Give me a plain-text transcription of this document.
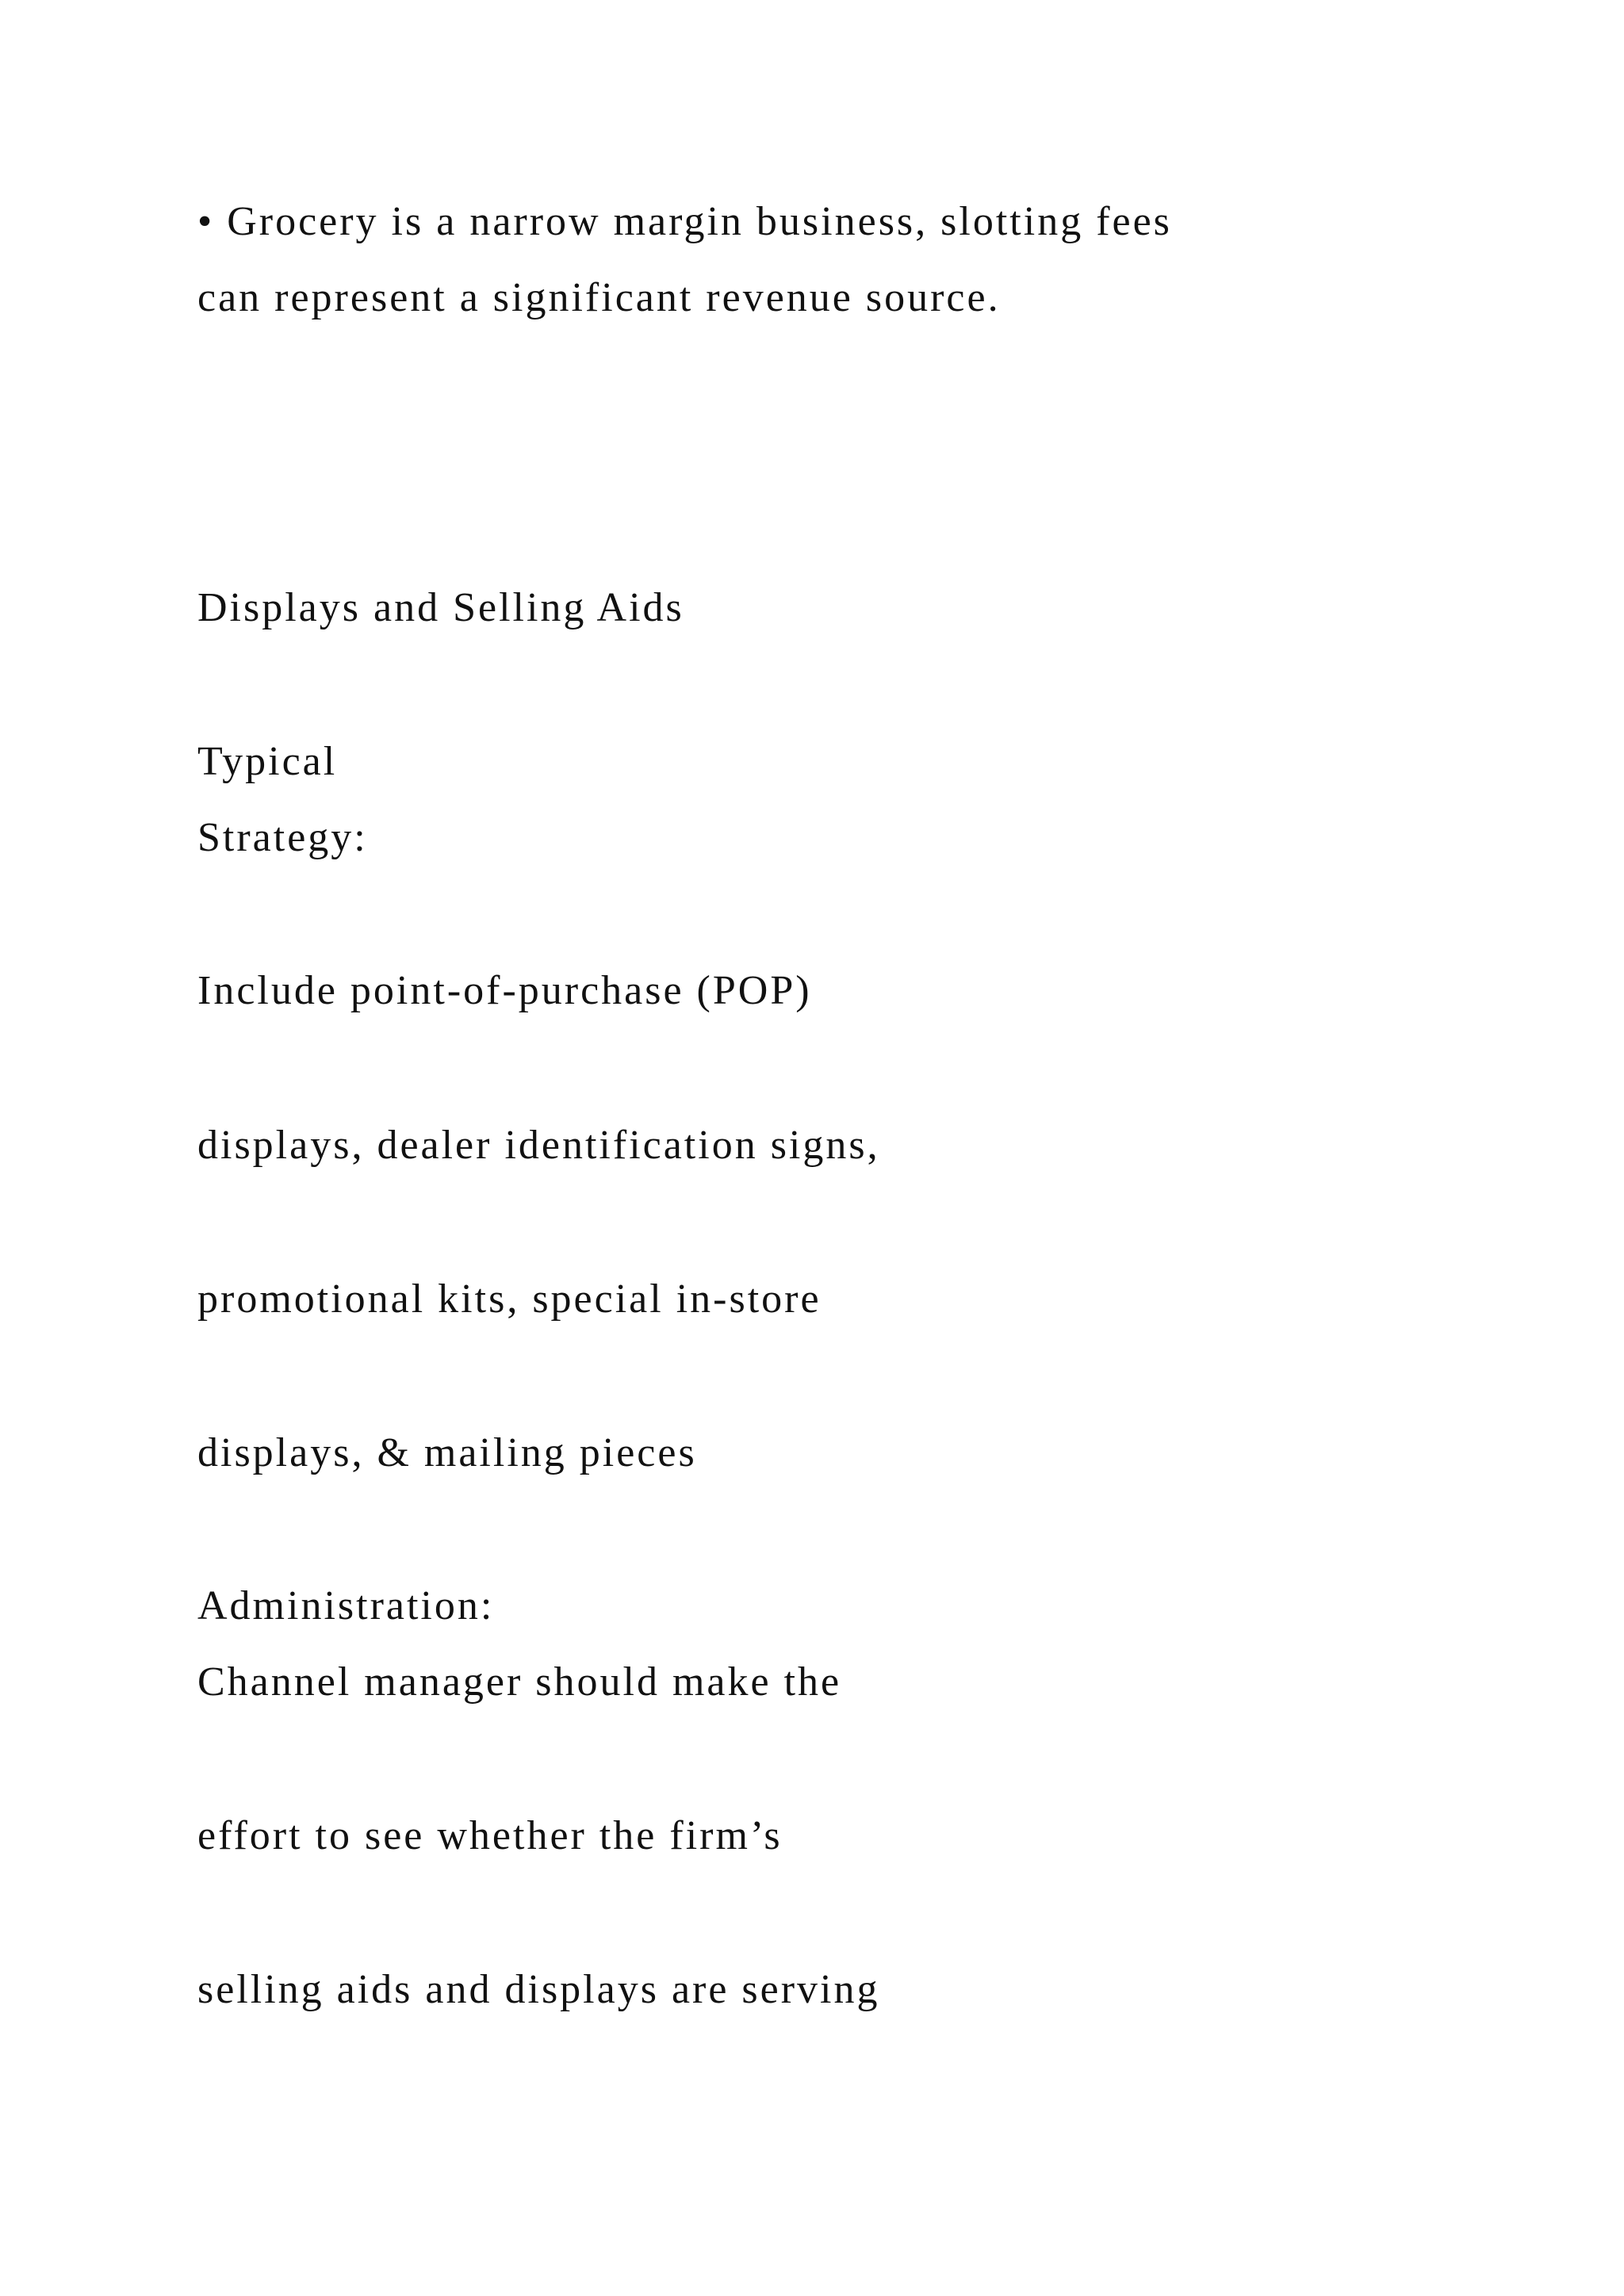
• Grocery is a narrow margin business, slotting fees

can represent a significant revenue source.

Displays and Selling Aids

Typical

Strategy:

Include point-of-purchase (POP)

displays, dealer identification signs,

promotional kits, special in-store

displays, & mailing pieces

Administration:

Channel manager should make the

effort to see whether the firm’s

selling aids and displays are serving
